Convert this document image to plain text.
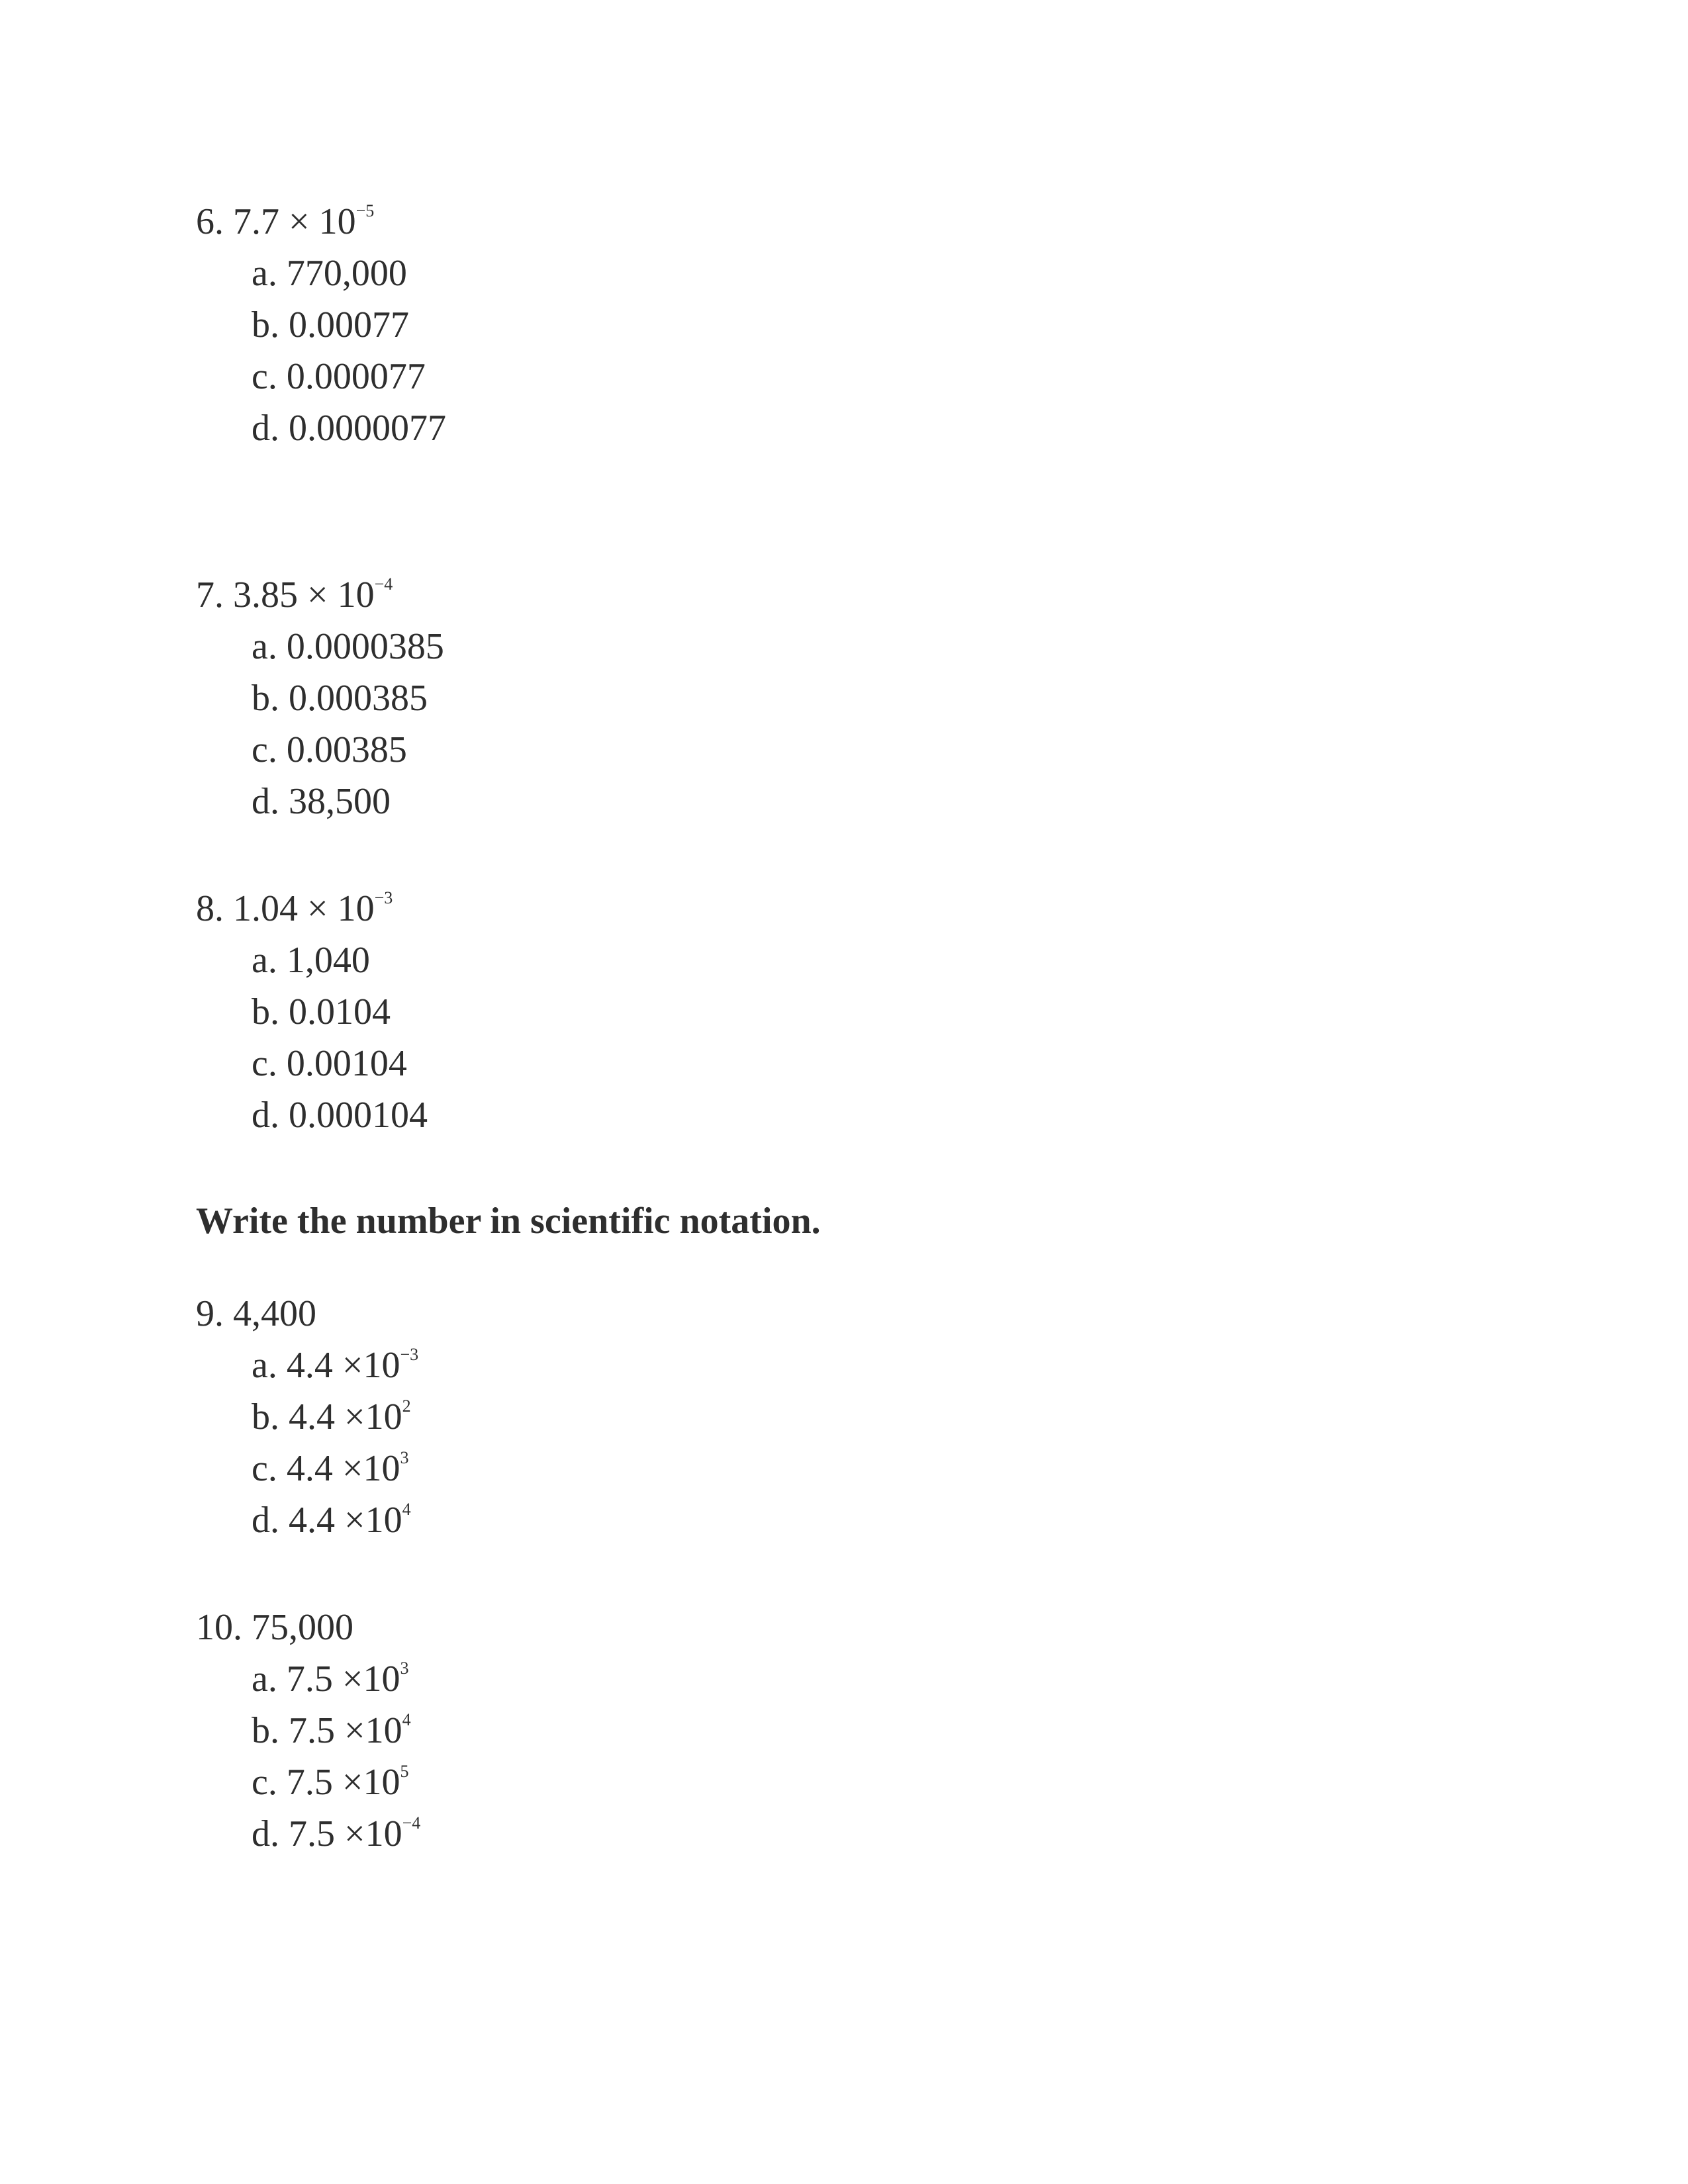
6. $7.7 \times 10^{-5}$
a. 770,000
b. 0.00077
c. 0.000077
d. 0.0000077
7. $3.85 \times 10^{-4}$
a. 0.0000385
b. 0.000385
c. 0.00385
d. 38,500
8. $1.04 \times 10^{-3}$
a. 1,040
b. 0.0104
c. 0.00104
d. 0.000104
Write the number in scientific notation.
9. 4,400
a. $4.4 \times 10^{-3}$
b. $4.4 \times 10^2$
c. $4.4 \times 10^3$
d. $4.4 \times 10^4$
10. 75,000
a. $7.5 \times 10^3$
b. $7.5 \times 10^4$
c. $7.5 \times 10^5$
d. $7.5 \times 10^{-4}$
